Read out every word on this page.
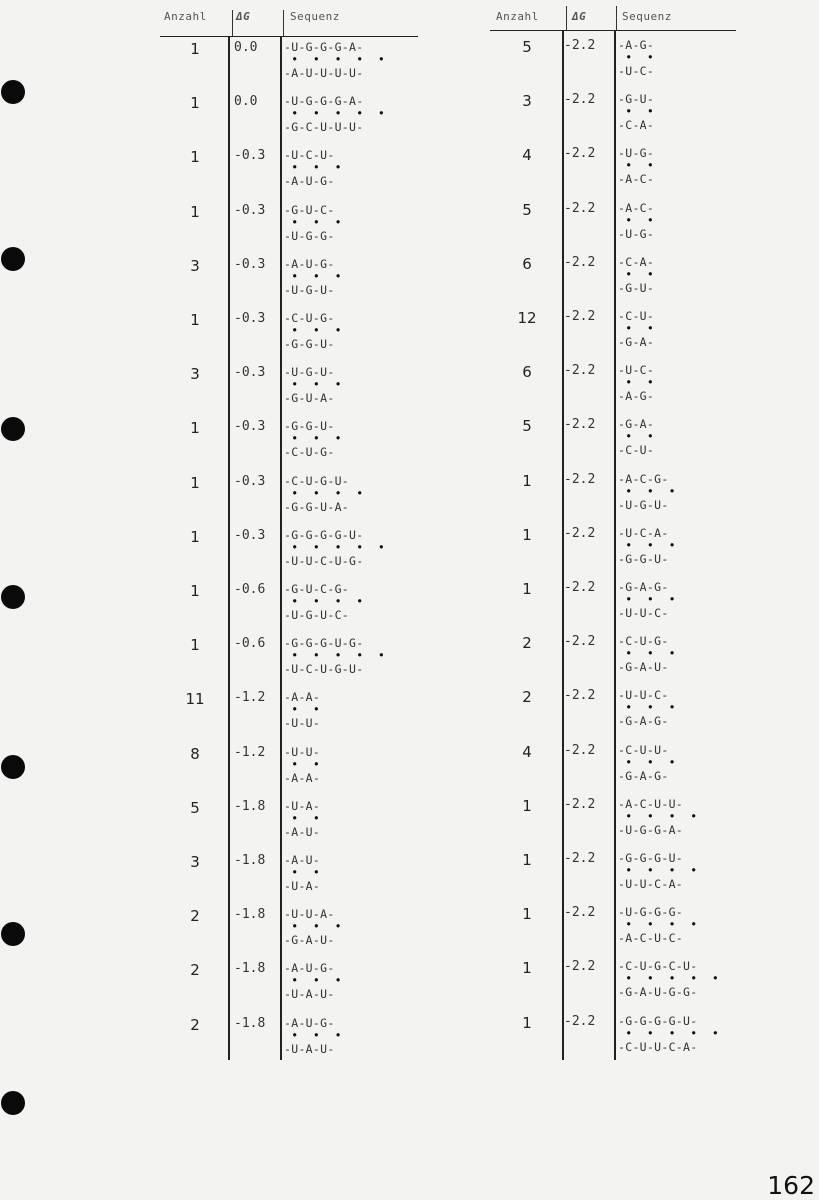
Anzahl	ΔG	Sequenz
1	0.0 -U-G-G-G-A-
•  •  •  •  •
-A-U-U-U-U-
1	0.0 -U-G-G-G-A-
•  •  •  •  •
-G-C-U-U-U-
1	-0.3 -U-C-U-
•  •  •
-A-U-G-
1	-0.3 -G-U-C-
•  •  •
-U-G-G-
3	-0.3 -A-U-G-
•  •  •
-U-G-U-
1	-0.3 -C-U-G-
•  •  •
-G-G-U-
3	-0.3 -U-G-U-
•  •  •
-G-U-A-
1	-0.3 -G-G-U-
•  •  •
-C-U-G-
1	-0.3 -C-U-G-U-
•  •  •  •
-G-G-U-A-
1	-0.3 -G-G-G-G-U-
•  •  •  •  •
-U-U-C-U-G-
1	-0.6 -G-U-C-G-
•  •  •  •
-U-G-U-C-
1	-0.6 -G-G-G-U-G-
•  •  •  •  •
-U-C-U-G-U-
11	-1.2 -A-A-
•  •
-U-U-
8	-1.2 -U-U-
•  •
-A-A-
5	-1.8 -U-A-
•  •
-A-U-
3	-1.8 -A-U-
•  •
-U-A-
2	-1.8 -U-U-A-
•  •  •
-G-A-U-
2	-1.8 -A-U-G-
•  •  •
-U-A-U-
2	-1.8 -A-U-G-
•  •  •
-U-A-U-
Anzahl	ΔG	Sequenz
5	-2.2 -A-G-
•  •
-U-C-
3	-2.2 -G-U-
•  •
-C-A-
4	-2.2 -U-G-
•  •
-A-C-
5	-2.2 -A-C-
•  •
-U-G-
6	-2.2 -C-A-
•  •
-G-U-
12	-2.2 -C-U-
•  •
-G-A-
6	-2.2 -U-C-
•  •
-A-G-
5	-2.2 -G-A-
•  •
-C-U-
1	-2.2 -A-C-G-
•  •  •
-U-G-U-
1	-2.2 -U-C-A-
•  •  •
-G-G-U-
1	-2.2 -G-A-G-
•  •  •
-U-U-C-
2	-2.2 -C-U-G-
•  •  •
-G-A-U-
2	-2.2 -U-U-C-
•  •  •
-G-A-G-
4	-2.2 -C-U-U-
•  •  •
-G-A-G-
1	-2.2 -A-C-U-U-
•  •  •  •
-U-G-G-A-
1	-2.2 -G-G-G-U-
•  •  •  •
-U-U-C-A-
1	-2.2 -U-G-G-G-
•  •  •  •
-A-C-U-C-
1	-2.2 -C-U-G-C-U-
•  •  •  •  •
-G-A-U-G-G-
1	-2.2 -G-G-G-G-U-
•  •  •  •  •
-C-U-U-C-A-
162
